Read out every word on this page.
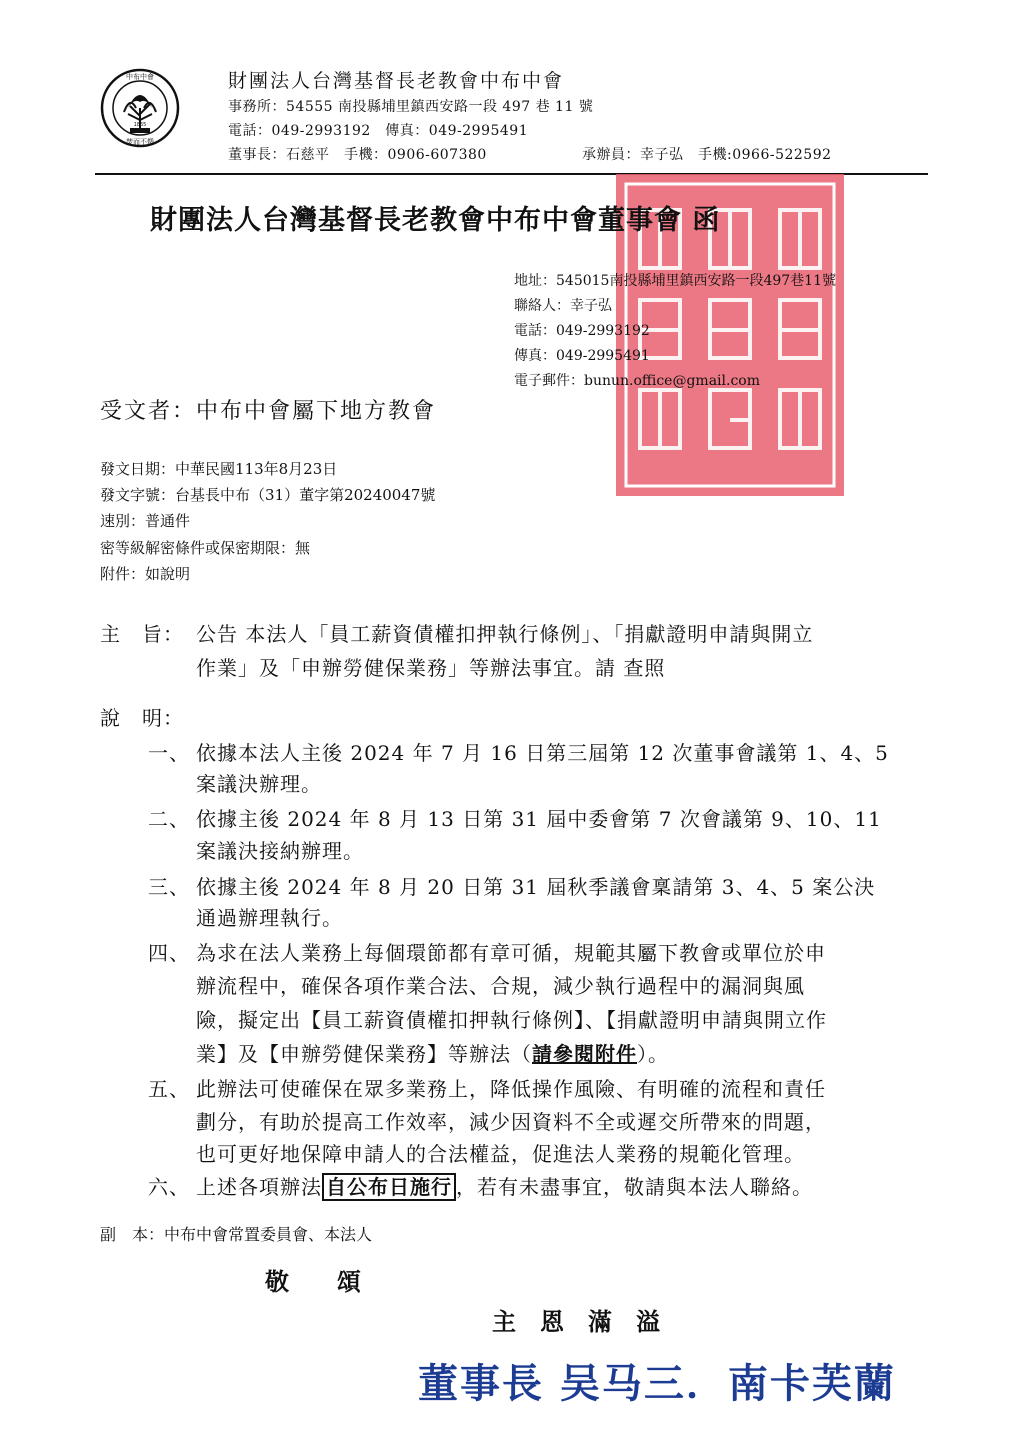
中布中會
1865
焚而不燬
財團法人台灣基督長老教會中布中會
事務所：54555 南投縣埔里鎮西安路一段 497 巷 11 號
電話：049-2993192　傳真：049-2995491
董事長：石慈平　手機：0906-607380	承辦員：幸子弘　手機:0966-522592
財團法人台灣基督長老教會中布中會董事會 函
地址：545015南投縣埔里鎮西安路一段497巷11號
聯絡人：幸子弘
電話：049-2993192
傳真：049-2995491
電子郵件：bunun.office@gmail.com
受文者：中布中會屬下地方教會
發文日期：中華民國113年8月23日
發文字號：台基長中布（31）董字第20240047號
速別：普通件
密等級解密條件或保密期限：無
附件：如說明
主　旨： 公告 本法人「員工薪資債權扣押執行條例」、「捐獻證明申請與開立
作業」及「申辦勞健保業務」等辦法事宜。請 查照
說　明：
一、 依據本法人主後 2024 年 7 月 16 日第三屆第 12 次董事會議第 1、4、5
案議決辦理。
二、 依據主後 2024 年 8 月 13 日第 31 屆中委會第 7 次會議第 9、10、11
案議決接納辦理。
三、 依據主後 2024 年 8 月 20 日第 31 屆秋季議會稟請第 3、4、5 案公決
通過辦理執行。
四、 為求在法人業務上每個環節都有章可循，規範其屬下教會或單位於申
辦流程中，確保各項作業合法、合規，減少執行過程中的漏洞與風
險，擬定出【員工薪資債權扣押執行條例】、【捐獻證明申請與開立作
業】及【申辦勞健保業務】等辦法（請參閱附件）。
五、 此辦法可使確保在眾多業務上，降低操作風險、有明確的流程和責任
劃分，有助於提高工作效率，減少因資料不全或遲交所帶來的問題，
也可更好地保障申請人的合法權益，促進法人業務的規範化管理。
六、 上述各項辦法 自公布日施行 ，若有未盡事宜，敬請與本法人聯絡。
副　本：中布中會常置委員會、本法人
敬　　頌
主　恩　滿　溢
董事長 吴马三．南卡芙蘭
